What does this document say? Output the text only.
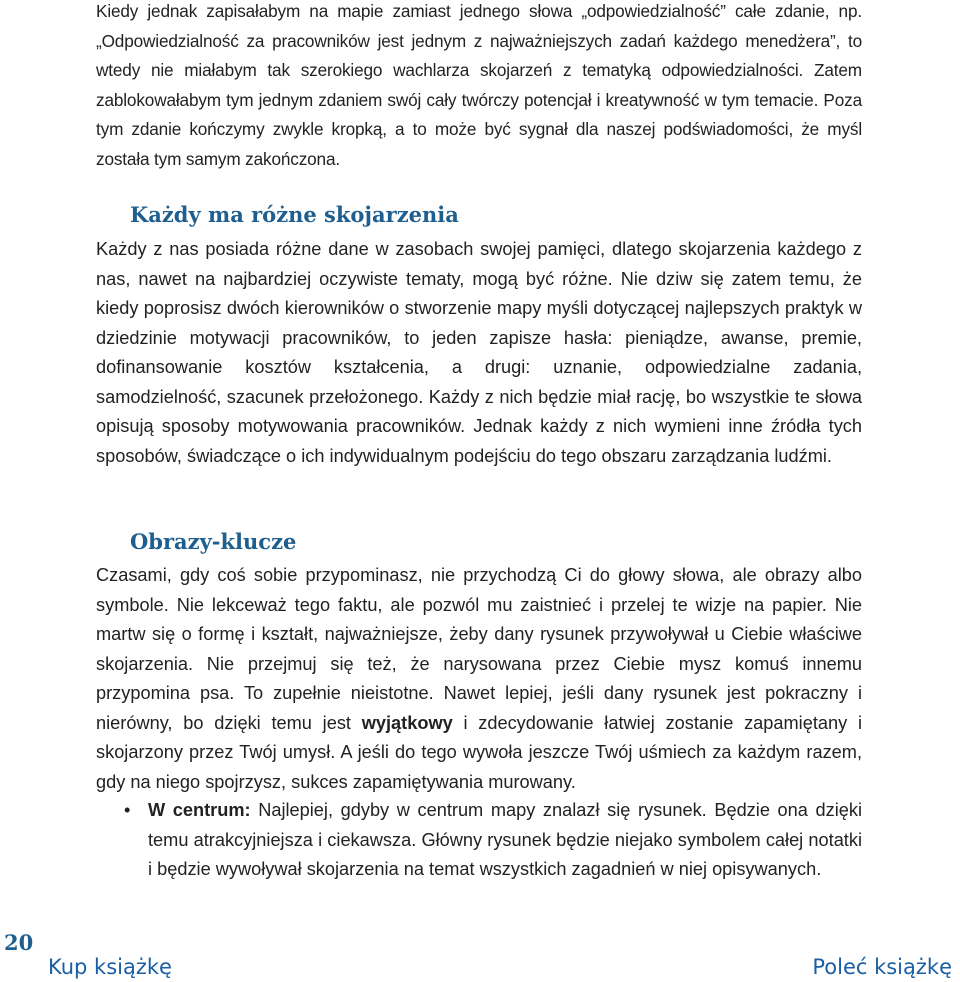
Kiedy jednak zapisałabym na mapie zamiast jednego słowa „odpowiedzialność” całe zdanie, np. „Odpowiedzialność za pracowników jest jednym z najważniejszych zadań każdego menedżera”, to wtedy nie miałabym tak szerokiego wachlarza skojarzeń z tematyką odpowiedzialności. Zatem zablokowałabym tym jednym zdaniem swój cały twórczy potencjał i kreatywność w tym temacie. Poza tym zdanie kończymy zwykle kropką, a to może być sygnał dla naszej podświadomości, że myśl została tym samym zakończona.

Każdy ma różne skojarzenia

Każdy z nas posiada różne dane w zasobach swojej pamięci, dlatego skojarzenia każdego z nas, nawet na najbardziej oczywiste tematy, mogą być różne. Nie dziw się zatem temu, że kiedy poprosisz dwóch kierowników o stworzenie mapy myśli dotyczącej najlepszych praktyk w dziedzinie motywacji pracowników, to jeden zapisze hasła: pieniądze, awanse, premie, dofinansowanie kosztów kształcenia, a drugi: uznanie, odpowiedzialne zadania, samodzielność, szacunek przełożonego. Każdy z nich będzie miał rację, bo wszystkie te słowa opisują sposoby motywowania pracowników. Jednak każdy z nich wymieni inne źródła tych sposobów, świadczące o ich indywidualnym podejściu do tego obszaru zarządzania ludźmi.

Obrazy-klucze

Czasami, gdy coś sobie przypominasz, nie przychodzą Ci do głowy słowa, ale obrazy albo symbole. Nie lekceważ tego faktu, ale pozwól mu zaistnieć i przelej te wizje na papier. Nie martw się o formę i kształt, najważniejsze, żeby dany rysunek przywoływał u Ciebie właściwe skojarzenia. Nie przejmuj się też, że narysowana przez Ciebie mysz komuś innemu przypomina psa. To zupełnie nieistotne. Nawet lepiej, jeśli dany rysunek jest pokraczny i nierówny, bo dzięki temu jest wyjątkowy i zdecydowanie łatwiej zostanie zapamiętany i skojarzony przez Twój umysł. A jeśli do tego wywoła jeszcze Twój uśmiech za każdym razem, gdy na niego spojrzysz, sukces zapamiętywania murowany.

• W centrum: Najlepiej, gdyby w centrum mapy znalazł się rysunek. Będzie ona dzięki temu atrakcyjniejsza i ciekawsza. Główny rysunek będzie niejako symbolem całej notatki i będzie wywoływał skojarzenia na temat wszystkich zagadnień w niej opisywanych.
20
Kup książkę	Poleć książkę
